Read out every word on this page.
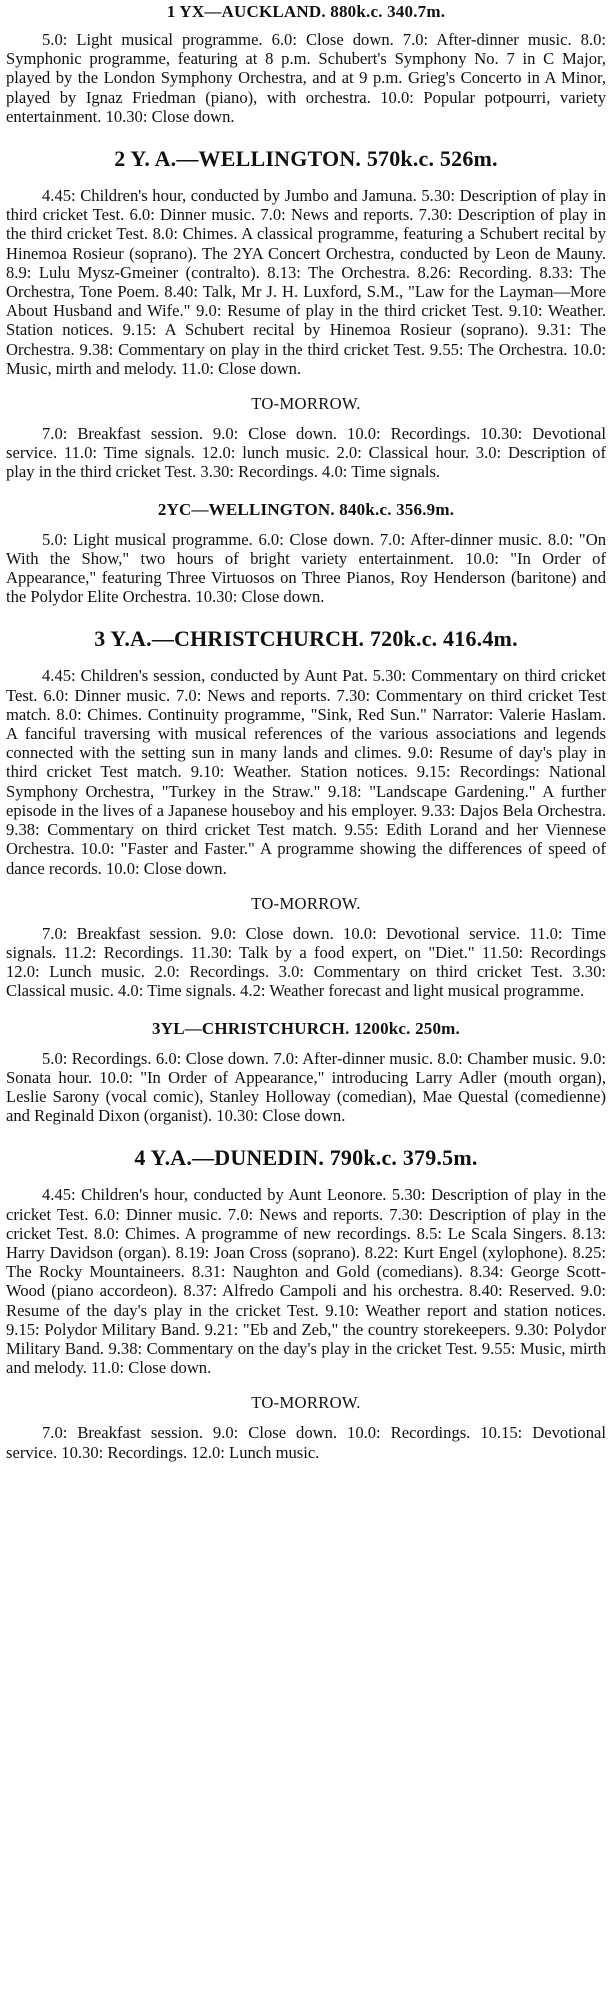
1 YX—AUCKLAND. 880k.c. 340.7m.

5.0: Light musical programme. 6.0: Close down. 7.0: After-dinner music. 8.0: Symphonic programme, featuring at 8 p.m. Schubert's Symphony No. 7 in C Major, played by the London Symphony Orchestra, and at 9 p.m. Grieg's Concerto in A Minor, played by Ignaz Friedman (piano), with orchestra. 10.0: Popular potpourri, variety entertainment. 10.30: Close down.

2 Y. A.—WELLINGTON. 570k.c. 526m.

4.45: Children's hour, conducted by Jumbo and Jamuna. 5.30: Description of play in third cricket Test. 6.0: Dinner music. 7.0: News and reports. 7.30: Description of play in the third cricket Test. 8.0: Chimes. A classical programme, featuring a Schubert recital by Hinemoa Rosieur (soprano). The 2YA Concert Orchestra, conducted by Leon de Mauny. 8.9: Lulu Mysz-Gmeiner (contralto). 8.13: The Orchestra. 8.26: Recording. 8.33: The Orchestra, Tone Poem. 8.40: Talk, Mr J. H. Luxford, S.M., "Law for the Layman—More About Husband and Wife." 9.0: Resume of play in the third cricket Test. 9.10: Weather. Station notices. 9.15: A Schubert recital by Hinemoa Rosieur (soprano). 9.31: The Orchestra. 9.38: Commentary on play in the third cricket Test. 9.55: The Orchestra. 10.0: Music, mirth and melody. 11.0: Close down.

TO-MORROW.

7.0: Breakfast session. 9.0: Close down. 10.0: Recordings. 10.30: Devotional service. 11.0: Time signals. 12.0: lunch music. 2.0: Classical hour. 3.0: Description of play in the third cricket Test. 3.30: Recordings. 4.0: Time signals.

2YC—WELLINGTON. 840k.c. 356.9m.

5.0: Light musical programme. 6.0: Close down. 7.0: After-dinner music. 8.0: "On With the Show," two hours of bright variety entertainment. 10.0: "In Order of Appearance," featuring Three Virtuosos on Three Pianos, Roy Henderson (baritone) and the Polydor Elite Orchestra. 10.30: Close down.

3 Y.A.—CHRISTCHURCH. 720k.c. 416.4m.

4.45: Children's session, conducted by Aunt Pat. 5.30: Commentary on third cricket Test. 6.0: Dinner music. 7.0: News and reports. 7.30: Commentary on third cricket Test match. 8.0: Chimes. Continuity programme, "Sink, Red Sun." Narrator: Valerie Haslam. A fanciful traversing with musical references of the various associations and legends connected with the setting sun in many lands and climes. 9.0: Resume of day's play in third cricket Test match. 9.10: Weather. Station notices. 9.15: Recordings: National Symphony Orchestra, "Turkey in the Straw." 9.18: "Landscape Gardening." A further episode in the lives of a Japanese houseboy and his employer. 9.33: Dajos Bela Orchestra. 9.38: Commentary on third cricket Test match. 9.55: Edith Lorand and her Viennese Orchestra. 10.0: "Faster and Faster." A programme showing the differences of speed of dance records. 10.0: Close down.

TO-MORROW.

7.0: Breakfast session. 9.0: Close down. 10.0: Devotional service. 11.0: Time signals. 11.2: Recordings. 11.30: Talk by a food expert, on "Diet." 11.50: Recordings 12.0: Lunch music. 2.0: Recordings. 3.0: Commentary on third cricket Test. 3.30: Classical music. 4.0: Time signals. 4.2: Weather forecast and light musical programme.

3YL—CHRISTCHURCH. 1200kc. 250m.

5.0: Recordings. 6.0: Close down. 7.0: After-dinner music. 8.0: Chamber music. 9.0: Sonata hour. 10.0: "In Order of Appearance," introducing Larry Adler (mouth organ), Leslie Sarony (vocal comic), Stanley Holloway (comedian), Mae Questal (comedienne) and Reginald Dixon (organist). 10.30: Close down.

4 Y.A.—DUNEDIN. 790k.c. 379.5m.

4.45: Children's hour, conducted by Aunt Leonore. 5.30: Description of play in the cricket Test. 6.0: Dinner music. 7.0: News and reports. 7.30: Description of play in the cricket Test. 8.0: Chimes. A programme of new recordings. 8.5: Le Scala Singers. 8.13: Harry Davidson (organ). 8.19: Joan Cross (soprano). 8.22: Kurt Engel (xylophone). 8.25: The Rocky Mountaineers. 8.31: Naughton and Gold (comedians). 8.34: George Scott-Wood (piano accordeon). 8.37: Alfredo Campoli and his orchestra. 8.40: Reserved. 9.0: Resume of the day's play in the cricket Test. 9.10: Weather report and station notices. 9.15: Polydor Military Band. 9.21: "Eb and Zeb," the country storekeepers. 9.30: Polydor Military Band. 9.38: Commentary on the day's play in the cricket Test. 9.55: Music, mirth and melody. 11.0: Close down.

TO-MORROW.

7.0: Breakfast session. 9.0: Close down. 10.0: Recordings. 10.15: Devotional service. 10.30: Recordings. 12.0: Lunch music.
